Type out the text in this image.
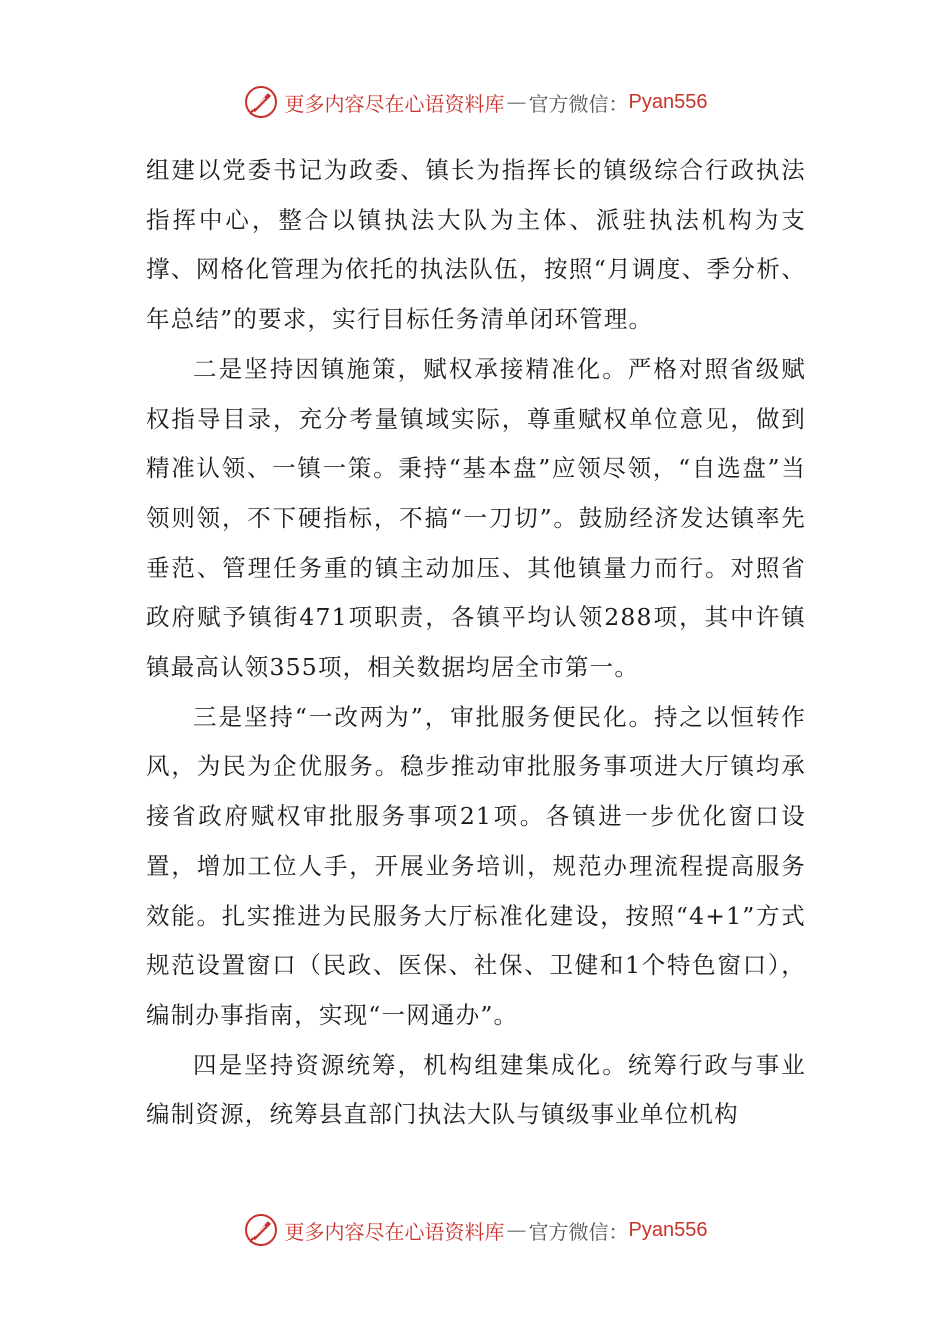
更多内容尽在心语资料库 — 官方微信： Pyan556

组建以党委书记为政委、镇长为指挥长的镇级综合行政执法指挥中心，整合以镇执法大队为主体、派驻执法机构为支撑、网格化管理为依托的执法队伍，按照“月调度、季分析、年总结”的要求，实行目标任务清单闭环管理。

二是坚持因镇施策，赋权承接精准化。严格对照省级赋权指导目录，充分考量镇域实际，尊重赋权单位意见，做到精准认领、一镇一策。秉持“基本盘”应领尽领，“自选盘”当领则领，不下硬指标，不搞“一刀切”。鼓励经济发达镇率先垂范、管理任务重的镇主动加压、其他镇量力而行。对照省政府赋予镇街471项职责，各镇平均认领288项，其中许镇镇最高认领355项，相关数据均居全市第一。

三是坚持“一改两为”，审批服务便民化。持之以恒转作风，为民为企优服务。稳步推动审批服务事项进大厅镇均承接省政府赋权审批服务事项21项。各镇进一步优化窗口设置，增加工位人手，开展业务培训，规范办理流程提高服务效能。扎实推进为民服务大厅标准化建设，按照“4+1”方式规范设置窗口（民政、医保、社保、卫健和1个特色窗口），编制办事指南，实现“一网通办”。

四是坚持资源统筹，机构组建集成化。统筹行政与事业编制资源，统筹县直部门执法大队与镇级事业单位机构

更多内容尽在心语资料库 — 官方微信： Pyan556
